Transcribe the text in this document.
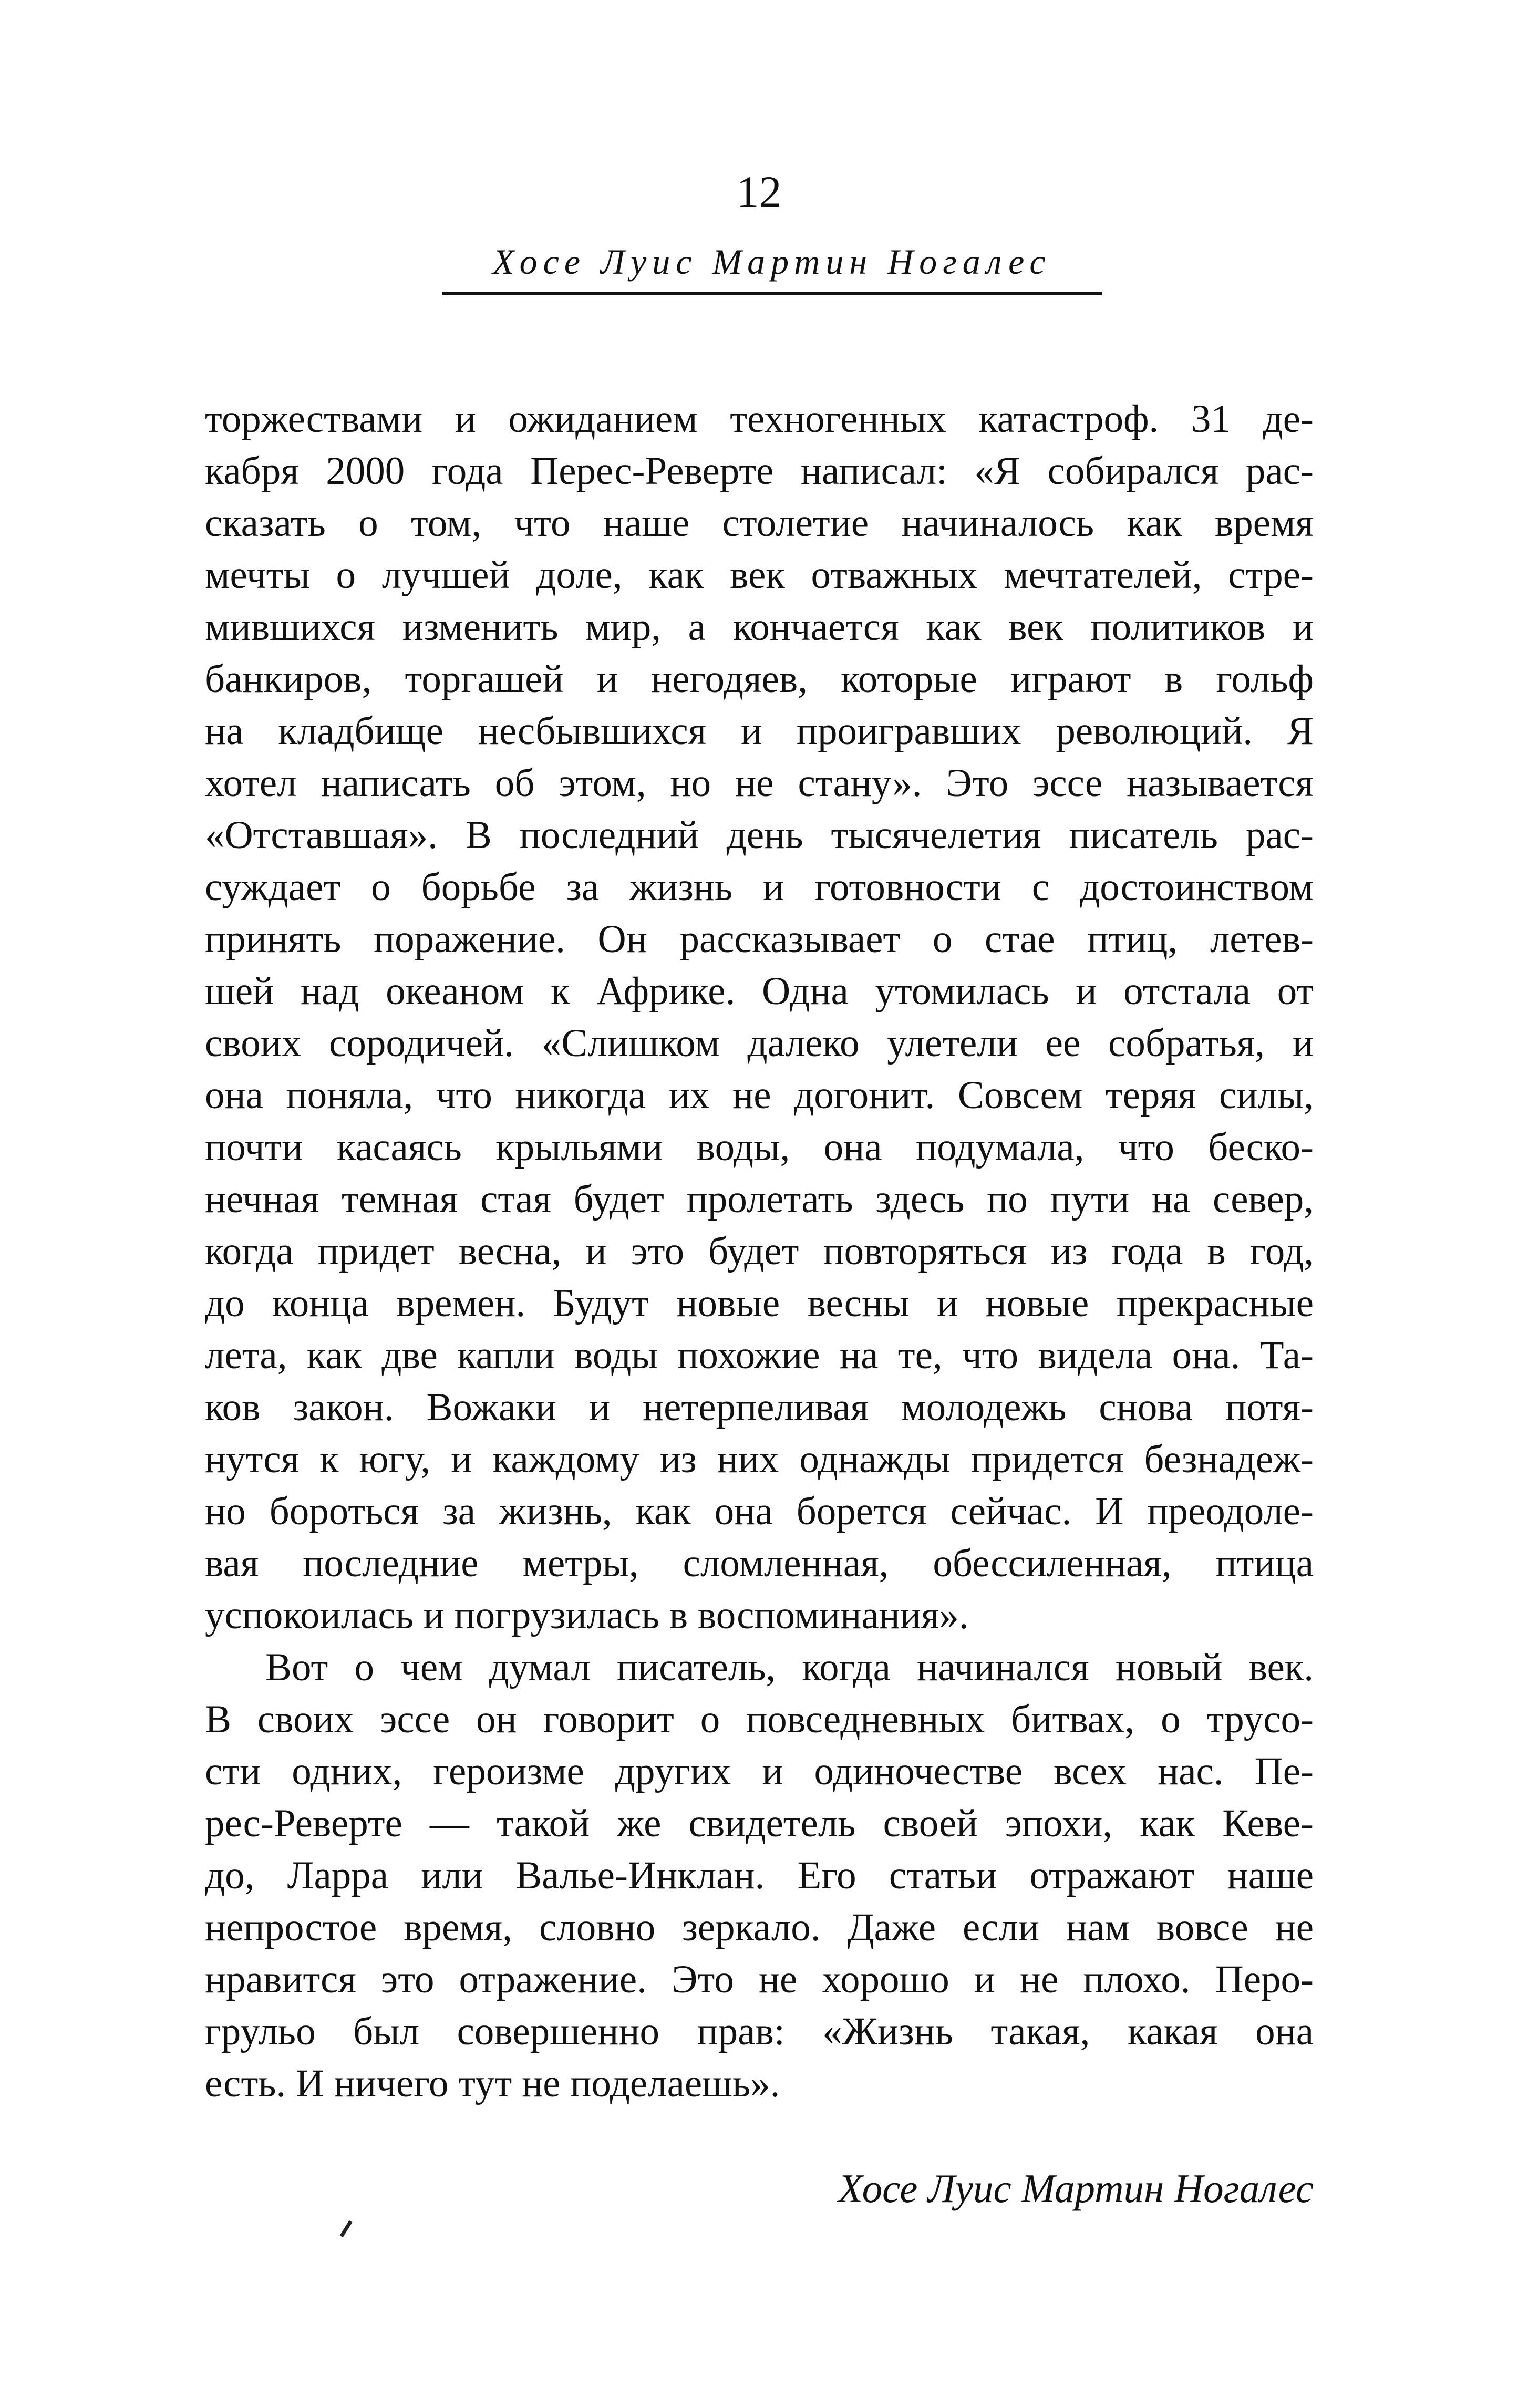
12
Хосе Луис Мартин Ногалес
торжествами и ожиданием техногенных катастроф. 31 де-
кабря 2000 года Перес-Реверте написал: «Я собирался рас-
сказать о том, что наше столетие начиналось как время
мечты о лучшей доле, как век отважных мечтателей, стре-
мившихся изменить мир, а кончается как век политиков и
банкиров, торгашей и негодяев, которые играют в гольф
на кладбище несбывшихся и проигравших революций. Я
хотел написать об этом, но не стану». Это эссе называется
«Отставшая». В последний день тысячелетия писатель рас-
суждает о борьбе за жизнь и готовности с достоинством
принять поражение. Он рассказывает о стае птиц, летев-
шей над океаном к Африке. Одна утомилась и отстала от
своих сородичей. «Слишком далеко улетели ее собратья, и
она поняла, что никогда их не догонит. Совсем теряя силы,
почти касаясь крыльями воды, она подумала, что беско-
нечная темная стая будет пролетать здесь по пути на север,
когда придет весна, и это будет повторяться из года в год,
до конца времен. Будут новые весны и новые прекрасные
лета, как две капли воды похожие на те, что видела она. Та-
ков закон. Вожаки и нетерпеливая молодежь снова потя-
нутся к югу, и каждому из них однажды придется безнадеж-
но бороться за жизнь, как она борется сейчас. И преодоле-
вая последние метры, сломленная, обессиленная, птица
успокоилась и погрузилась в воспоминания».
Вот о чем думал писатель, когда начинался новый век.
В своих эссе он говорит о повседневных битвах, о трусо-
сти одних, героизме других и одиночестве всех нас. Пе-
рес-Реверте — такой же свидетель своей эпохи, как Кеве-
до, Ларра или Валье-Инклан. Его статьи отражают наше
непростое время, словно зеркало. Даже если нам вовсе не
нравится это отражение. Это не хорошо и не плохо. Перо-
грульо был совершенно прав: «Жизнь такая, какая она
есть. И ничего тут не поделаешь».
Хосе Луис Мартин Ногалес
